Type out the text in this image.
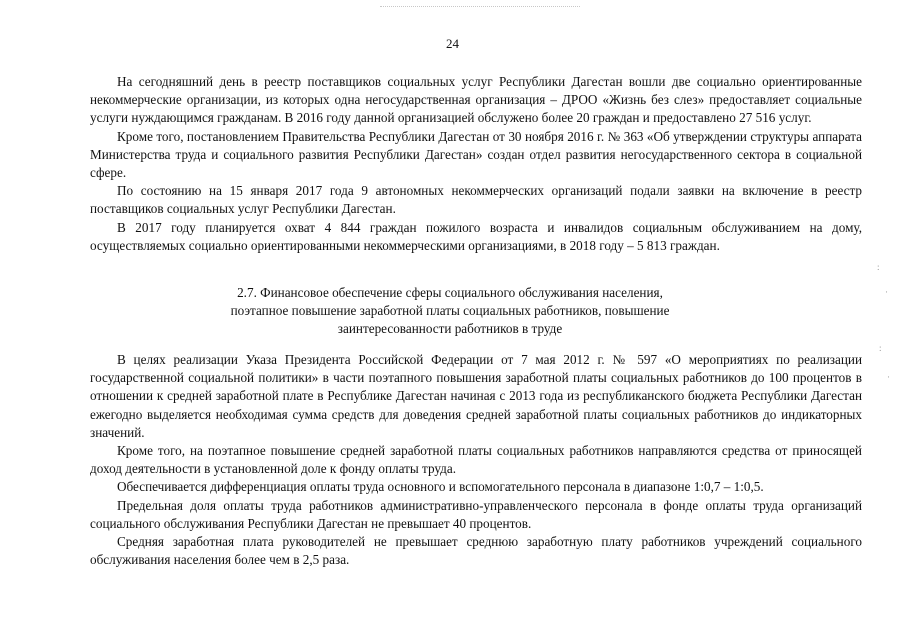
24

На сегодняшний день в реестр поставщиков социальных услуг Республики Дагестан вошли две социально ориентированные некоммерческие организации, из которых одна негосударственная организация – ДРОО «Жизнь без слез» предоставляет социальные услуги нуждающимся гражданам. В 2016 году данной организацией обслужено более 20 граждан и предоставлено 27 516 услуг.

Кроме того, постановлением Правительства Республики Дагестан от 30 ноября 2016 г. № 363 «Об утверждении структуры аппарата Министерства труда и социального развития Республики Дагестан» создан отдел развития негосударственного сектора в социальной сфере.

По состоянию на 15 января 2017 года 9 автономных некоммерческих организаций подали заявки на включение в реестр поставщиков социальных услуг Республики Дагестан.

В 2017 году планируется охват 4 844 граждан пожилого возраста и инвалидов социальным обслуживанием на дому, осуществляемых социально ориентированными некоммерческими организациями, в 2018 году – 5 813 граждан.

2.7. Финансовое обеспечение сферы социального обслуживания населения,
поэтапное повышение заработной платы социальных работников, повышение
заинтересованности работников в труде

В целях реализации Указа Президента Российской Федерации от 7 мая 2012 г. № 597 «О мероприятиях по реализации государственной социальной политики» в части поэтапного повышения заработной платы социальных работников до 100 процентов в отношении к средней заработной плате в Республике Дагестан начиная с 2013 года из республиканского бюджета Республики Дагестан ежегодно выделяется необходимая сумма средств для доведения средней заработной платы социальных работников до индикаторных значений.

Кроме того, на поэтапное повышение средней заработной платы социальных работников направляются средства от приносящей доход деятельности в установленной доле к фонду оплаты труда.

Обеспечивается дифференциация оплаты труда основного и вспомогательного персонала в диапазоне 1:0,7 – 1:0,5.

Предельная доля оплаты труда работников административно-управленческого персонала в фонде оплаты труда организаций социального обслуживания Республики Дагестан не превышает 40 процентов.

Средняя заработная плата руководителей не превышает среднюю заработную плату работников учреждений социального обслуживания населения более чем в 2,5 раза.

:
·
:
·
